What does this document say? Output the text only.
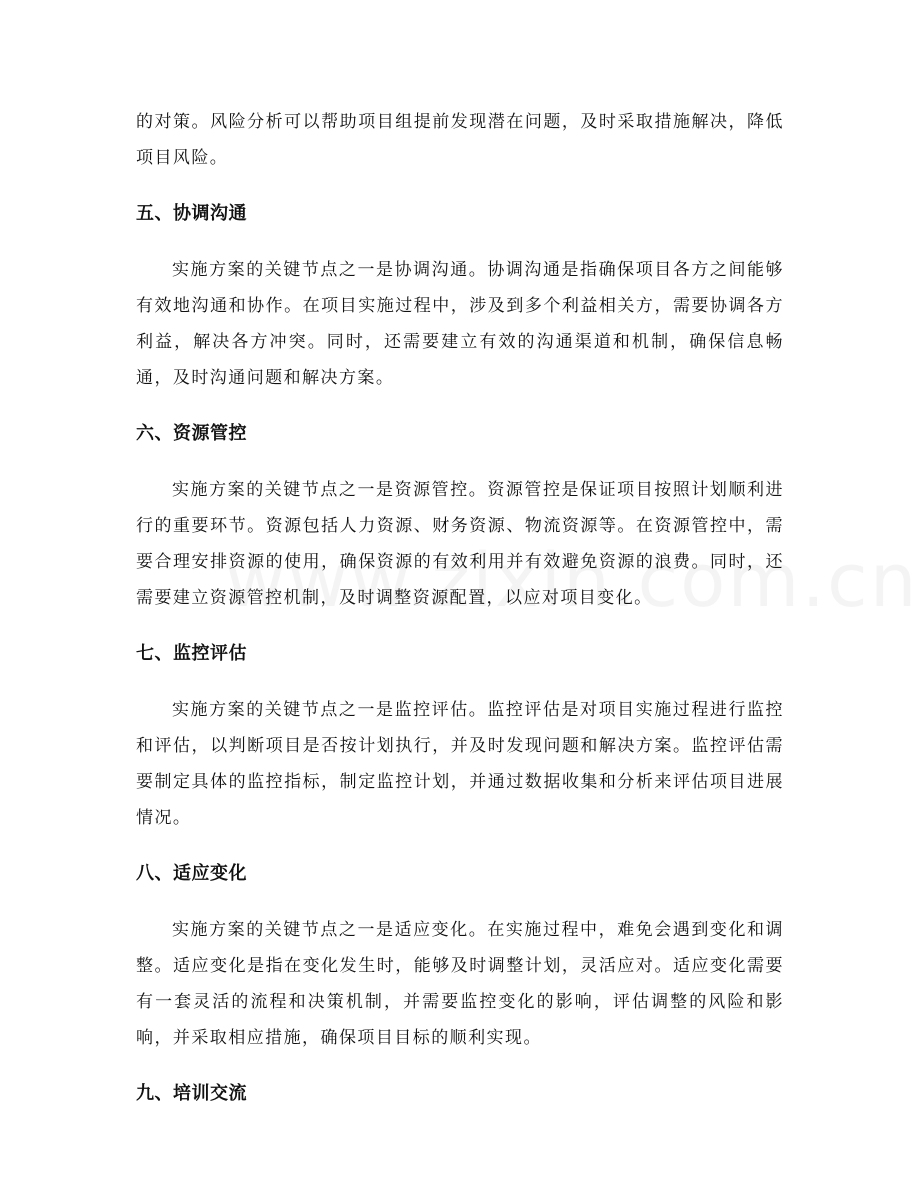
的对策。风险分析可以帮助项目组提前发现潜在问题，及时采取措施解决，降低项目风险。

五、协调沟通

实施方案的关键节点之一是协调沟通。协调沟通是指确保项目各方之间能够有效地沟通和协作。在项目实施过程中，涉及到多个利益相关方，需要协调各方利益，解决各方冲突。同时，还需要建立有效的沟通渠道和机制，确保信息畅通，及时沟通问题和解决方案。

六、资源管控

实施方案的关键节点之一是资源管控。资源管控是保证项目按照计划顺利进行的重要环节。资源包括人力资源、财务资源、物流资源等。在资源管控中，需要合理安排资源的使用，确保资源的有效利用并有效避免资源的浪费。同时，还需要建立资源管控机制，及时调整资源配置，以应对项目变化。

七、监控评估

实施方案的关键节点之一是监控评估。监控评估是对项目实施过程进行监控和评估，以判断项目是否按计划执行，并及时发现问题和解决方案。监控评估需要制定具体的监控指标，制定监控计划，并通过数据收集和分析来评估项目进展情况。

八、适应变化

实施方案的关键节点之一是适应变化。在实施过程中，难免会遇到变化和调整。适应变化是指在变化发生时，能够及时调整计划，灵活应对。适应变化需要有一套灵活的流程和决策机制，并需要监控变化的影响，评估调整的风险和影响，并采取相应措施，确保项目目标的顺利实现。

九、培训交流
